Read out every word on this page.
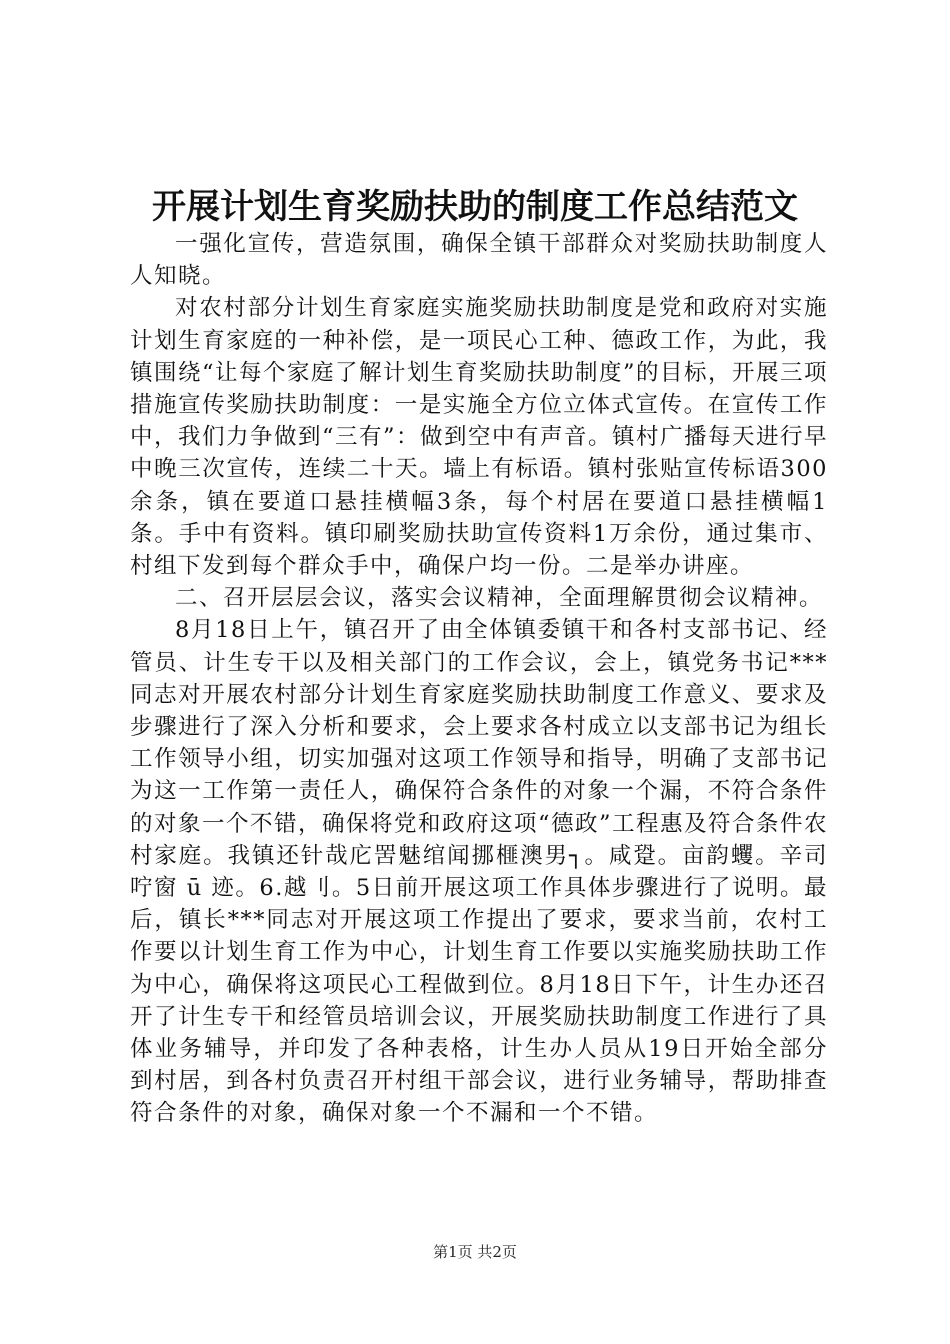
开展计划生育奖励扶助的制度工作总结范文

一强化宣传，营造氛围，确保全镇干部群众对奖励扶助制度人人知晓。

对农村部分计划生育家庭实施奖励扶助制度是党和政府对实施计划生育家庭的一种补偿，是一项民心工种、德政工作，为此，我镇围绕“让每个家庭了解计划生育奖励扶助制度”的目标，开展三项措施宣传奖励扶助制度：一是实施全方位立体式宣传。在宣传工作中，我们力争做到“三有”：做到空中有声音。镇村广播每天进行早中晚三次宣传，连续二十天。墙上有标语。镇村张贴宣传标语300余条，镇在要道口悬挂横幅3条，每个村居在要道口悬挂横幅1条。手中有资料。镇印刷奖励扶助宣传资料1万余份，通过集市、村组下发到每个群众手中，确保户均一份。二是举办讲座。

二、召开层层会议，落实会议精神，全面理解贯彻会议精神。

8月18日上午，镇召开了由全体镇委镇干和各村支部书记、经管员、计生专干以及相关部门的工作会议，会上，镇党务书记***同志对开展农村部分计划生育家庭奖励扶助制度工作意义、要求及步骤进行了深入分析和要求，会上要求各村成立以支部书记为组长工作领导小组，切实加强对这项工作领导和指导，明确了支部书记为这一工作第一责任人，确保符合条件的对象一个漏，不符合条件的对象一个不错，确保将党和政府这项“德政”工程惠及符合条件农村家庭。我镇还针哉庀罟魅绾闻挪榧澳男┐。咸跫。亩韵蠼。辛司咛窗 ū 迹。6.越刂。5日前开展这项工作具体步骤进行了说明。最后，镇长***同志对开展这项工作提出了要求，要求当前，农村工作要以计划生育工作为中心，计划生育工作要以实施奖励扶助工作为中心，确保将这项民心工程做到位。8月18日下午，计生办还召开了计生专干和经管员培训会议，开展奖励扶助制度工作进行了具体业务辅导，并印发了各种表格，计生办人员从19日开始全部分到村居，到各村负责召开村组干部会议，进行业务辅导，帮助排查符合条件的对象，确保对象一个不漏和一个不错。

第1页 共2页
